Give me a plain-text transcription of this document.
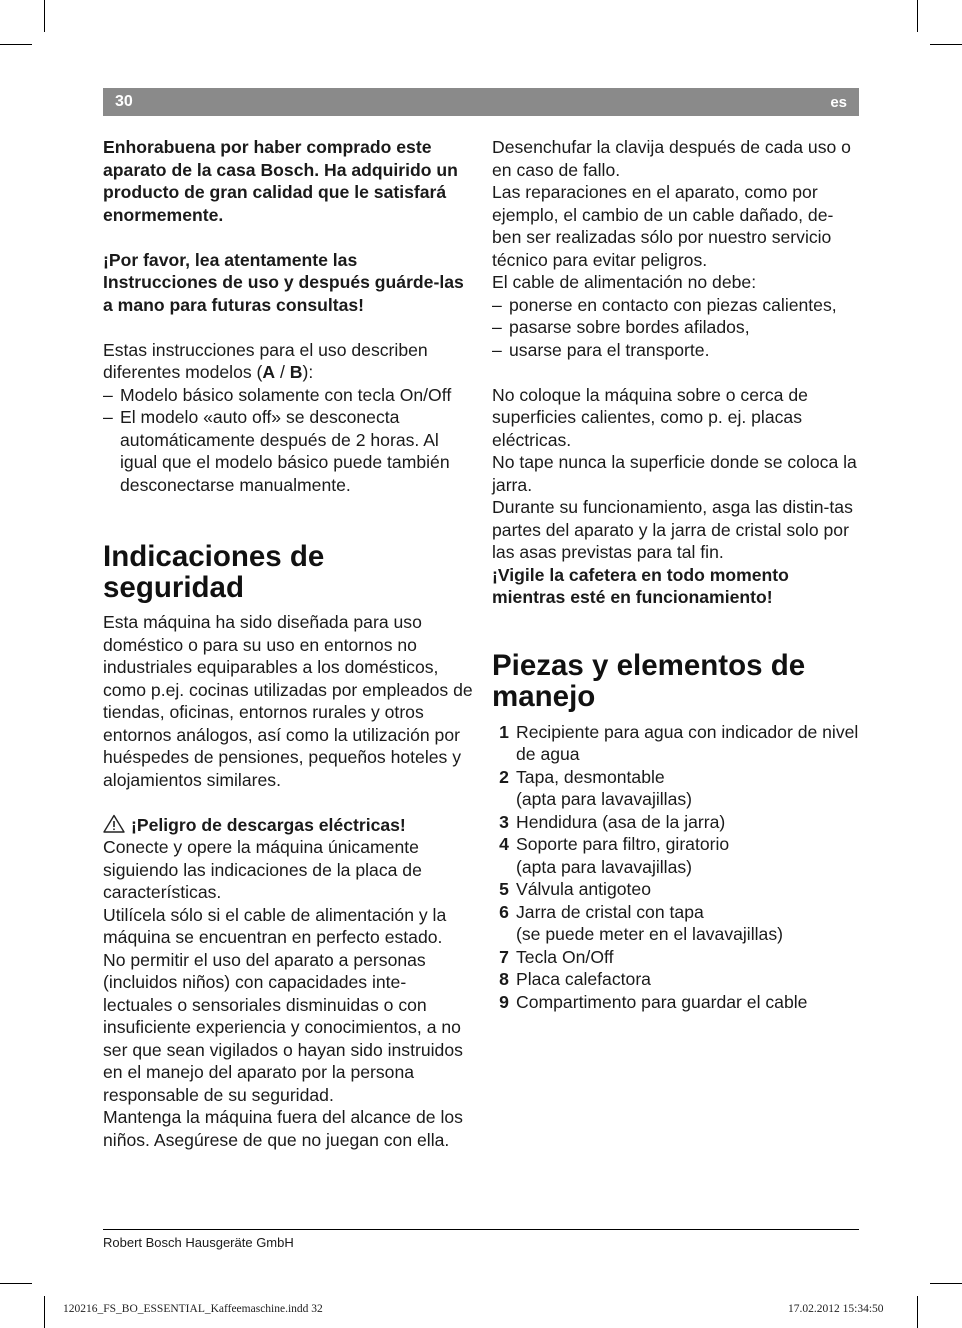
30	es

Enhorabuena por haber comprado este aparato de la casa Bosch. Ha adquirido un producto de gran calidad que le satisfará enormemente.

¡Por favor, lea atentamente las Instrucciones de uso y después guárde-las a mano para futuras consultas!

Estas instrucciones para el uso describen diferentes modelos (A / B):

– Modelo básico solamente con tecla On/Off

– El modelo «auto off» se desconecta automáticamente después de 2 horas. Al igual que el modelo básico puede también desconectarse manualmente.

Indicaciones de seguridad

Esta máquina ha sido diseñada para uso doméstico o para su uso en entornos no industriales equiparables a los domésticos, como p.ej. cocinas utilizadas por empleados de tiendas, oficinas, entornos rurales y otros entornos análogos, así como la utilización por huéspedes de pensiones, pequeños hoteles y alojamientos similares.

¡Peligro de descargas eléctricas!

Conecte y opere la máquina únicamente siguiendo las indicaciones de la placa de características.

Utilícela sólo si el cable de alimentación y la máquina se encuentran en perfecto estado.

No permitir el uso del aparato a personas (incluidos niños) con capacidades inte-lectuales o sensoriales disminuidas o con insuficiente experiencia y conocimientos, a no ser que sean vigilados o hayan sido instruidos en el manejo del aparato por la persona responsable de su seguridad.

Mantenga la máquina fuera del alcance de los niños. Asegúrese de que no juegan con ella.

Desenchufar la clavija después de cada uso o en caso de fallo.

Las reparaciones en el aparato, como por ejemplo, el cambio de un cable dañado, de-ben ser realizadas sólo por nuestro servicio técnico para evitar peligros.

El cable de alimentación no debe:

– ponerse en contacto con piezas calientes,

– pasarse sobre bordes afilados,

– usarse para el transporte.

No coloque la máquina sobre o cerca de superficies calientes, como p. ej. placas eléctricas.

No tape nunca la superficie donde se coloca la jarra.

Durante su funcionamiento, asga las distin-tas partes del aparato y la jarra de cristal solo por las asas previstas para tal fin.

¡Vigile la cafetera en todo momento mientras esté en funcionamiento!

Piezas y elementos de manejo
1 Recipiente para agua con indicador de nivel de agua
2 Tapa, desmontable
(apta para lavavajillas)
3 Hendidura (asa de la jarra)
4 Soporte para filtro, giratorio
(apta para lavavajillas)
5 Válvula antigoteo
6 Jarra de cristal con tapa
(se puede meter en el lavavajillas)
7 Tecla On/Off
8 Placa calefactora
9 Compartimento para guardar el cable
Robert Bosch Hausgeräte GmbH
120216_FS_BO_ESSENTIAL_Kaffeemaschine.indd 32	17.02.2012 15:34:50
